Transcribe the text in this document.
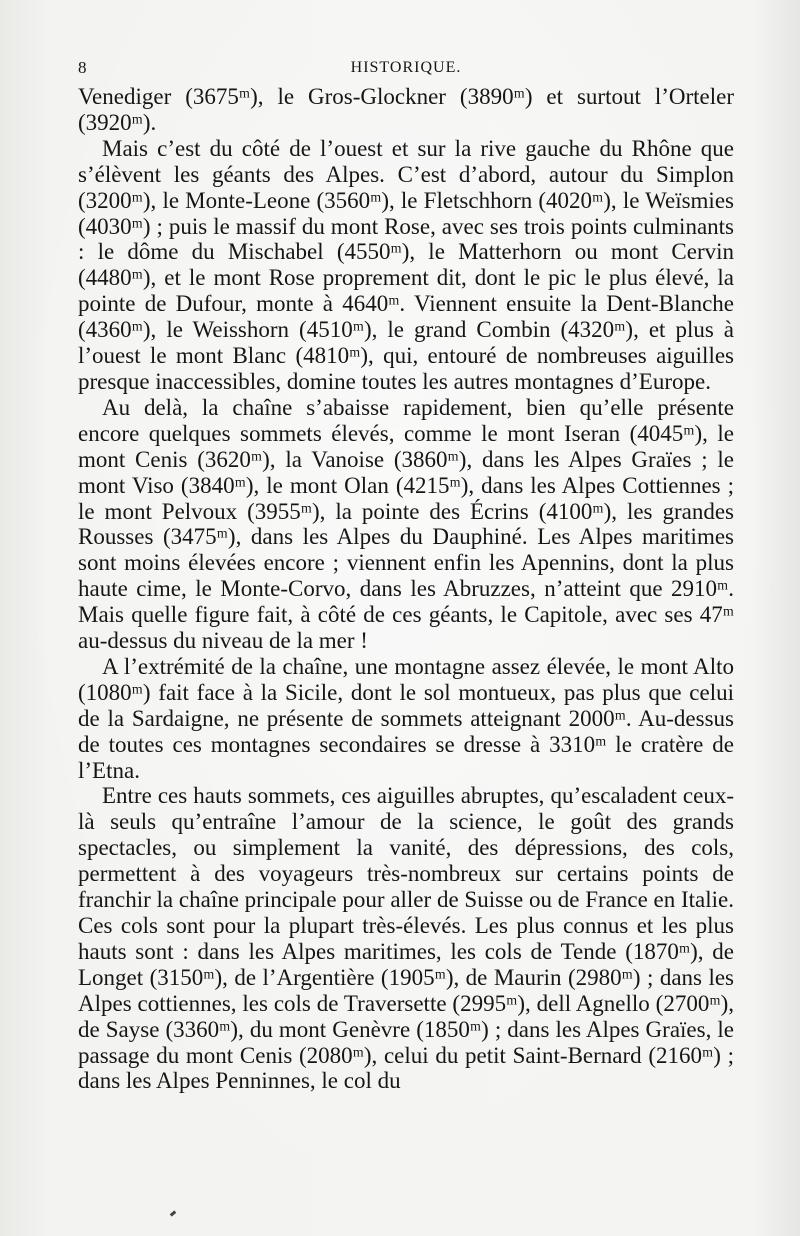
8	HISTORIQUE.

Venediger (3675ᵐ), le Gros-Glockner (3890ᵐ) et surtout l’Orteler (3920ᵐ).

Mais c’est du côté de l’ouest et sur la rive gauche du Rhône que s’élèvent les géants des Alpes. C’est d’abord, autour du Simplon (3200ᵐ), le Monte-Leone (3560ᵐ), le Fletschhorn (4020ᵐ), le Weïsmies (4030ᵐ) ; puis le massif du mont Rose, avec ses trois points culminants : le dôme du Mischabel (4550ᵐ), le Matterhorn ou mont Cervin (4480ᵐ), et le mont Rose proprement dit, dont le pic le plus élevé, la pointe de Dufour, monte à 4640ᵐ. Viennent ensuite la Dent-Blanche (4360ᵐ), le Weisshorn (4510ᵐ), le grand Combin (4320ᵐ), et plus à l’ouest le mont Blanc (4810ᵐ), qui, entouré de nombreuses aiguilles presque inaccessibles, domine toutes les autres montagnes d’Europe.

Au delà, la chaîne s’abaisse rapidement, bien qu’elle présente encore quelques sommets élevés, comme le mont Iseran (4045ᵐ), le mont Cenis (3620ᵐ), la Vanoise (3860ᵐ), dans les Alpes Graïes ; le mont Viso (3840ᵐ), le mont Olan (4215ᵐ), dans les Alpes Cottiennes ; le mont Pelvoux (3955ᵐ), la pointe des Écrins (4100ᵐ), les grandes Rousses (3475ᵐ), dans les Alpes du Dauphiné. Les Alpes maritimes sont moins élevées encore ; viennent enfin les Apennins, dont la plus haute cime, le Monte-Corvo, dans les Abruzzes, n’atteint que 2910ᵐ. Mais quelle figure fait, à côté de ces géants, le Capitole, avec ses 47ᵐ au-dessus du niveau de la mer !

A l’extrémité de la chaîne, une montagne assez élevée, le mont Alto (1080ᵐ) fait face à la Sicile, dont le sol montueux, pas plus que celui de la Sardaigne, ne présente de sommets atteignant 2000ᵐ. Au-dessus de toutes ces montagnes secondaires se dresse à 3310ᵐ le cratère de l’Etna.

Entre ces hauts sommets, ces aiguilles abruptes, qu’escaladent ceux-là seuls qu’entraîne l’amour de la science, le goût des grands spectacles, ou simplement la vanité, des dépressions, des cols, permettent à des voyageurs très-nombreux sur certains points de franchir la chaîne principale pour aller de Suisse ou de France en Italie. Ces cols sont pour la plupart très-élevés. Les plus connus et les plus hauts sont : dans les Alpes maritimes, les cols de Tende (1870ᵐ), de Longet (3150ᵐ), de l’Argentière (1905ᵐ), de Maurin (2980ᵐ) ; dans les Alpes cottiennes, les cols de Traversette (2995ᵐ), dell Agnello (2700ᵐ), de Sayse (3360ᵐ), du mont Genèvre (1850ᵐ) ; dans les Alpes Graïes, le passage du mont Cenis (2080ᵐ), celui du petit Saint-Bernard (2160ᵐ) ; dans les Alpes Penninnes, le col du
